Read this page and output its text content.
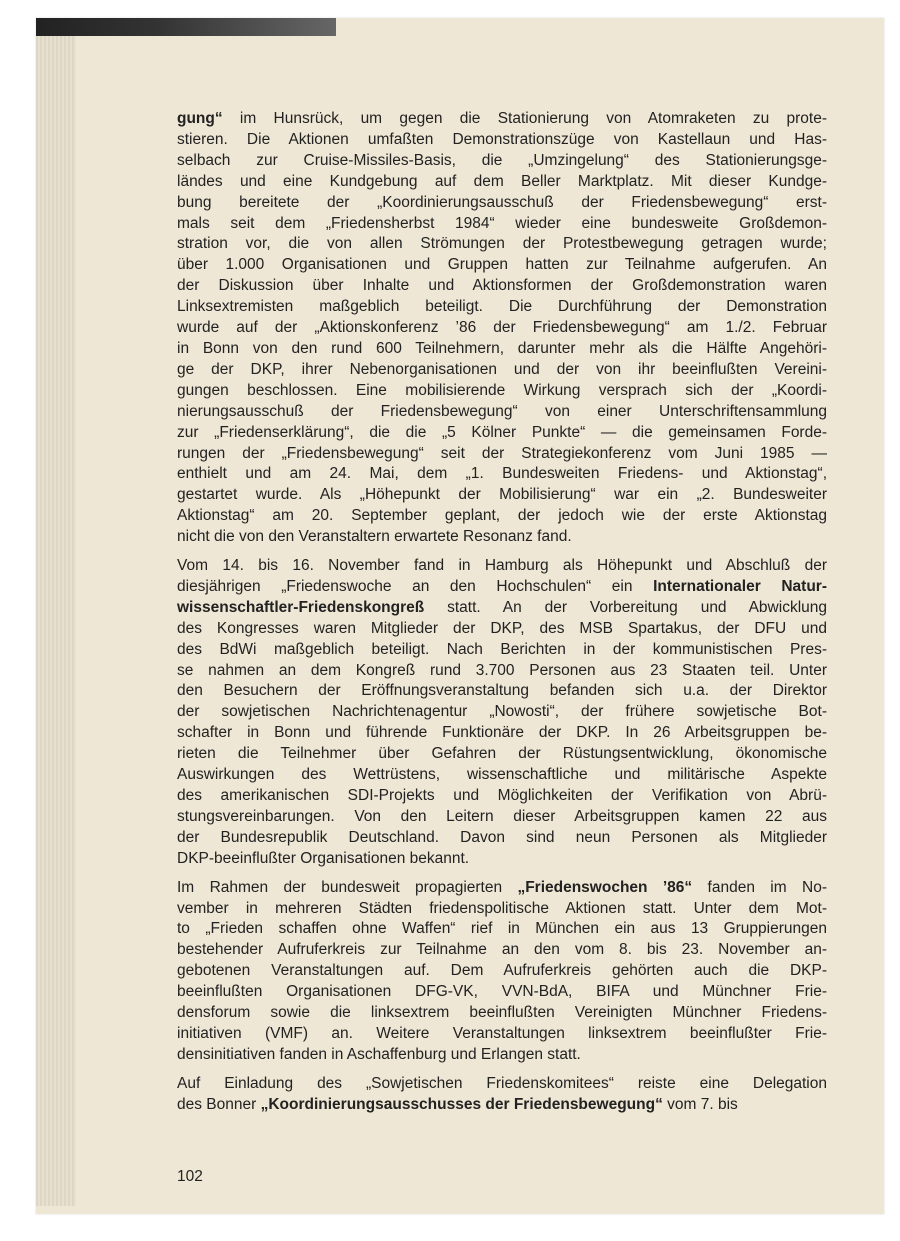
gung“ im Hunsrück, um gegen die Stationierung von Atomraketen zu prote-
stieren. Die Aktionen umfaßten Demonstrationszüge von Kastellaun und Has-
selbach zur Cruise-Missiles-Basis, die „Umzingelung“ des Stationierungsge-
ländes und eine Kundgebung auf dem Beller Marktplatz. Mit dieser Kundge-
bung bereitete der „Koordinierungsausschuß der Friedensbewegung“ erst-
mals seit dem „Friedensherbst 1984“ wieder eine bundesweite Großdemon-
stration vor, die von allen Strömungen der Protestbewegung getragen wurde;
über 1.000 Organisationen und Gruppen hatten zur Teilnahme aufgerufen. An
der Diskussion über Inhalte und Aktionsformen der Großdemonstration waren
Linksextremisten maßgeblich beteiligt. Die Durchführung der Demonstration
wurde auf der „Aktionskonferenz ’86 der Friedensbewegung“ am 1./2. Februar
in Bonn von den rund 600 Teilnehmern, darunter mehr als die Hälfte Angehöri-
ge der DKP, ihrer Nebenorganisationen und der von ihr beeinflußten Vereini-
gungen beschlossen. Eine mobilisierende Wirkung versprach sich der „Koordi-
nierungsausschuß der Friedensbewegung“ von einer Unterschriftensammlung
zur „Friedenserklärung“, die die „5 Kölner Punkte“ — die gemeinsamen Forde-
rungen der „Friedensbewegung“ seit der Strategiekonferenz vom Juni 1985 —
enthielt und am 24. Mai, dem „1. Bundesweiten Friedens- und Aktionstag“,
gestartet wurde. Als „Höhepunkt der Mobilisierung“ war ein „2. Bundesweiter
Aktionstag“ am 20. September geplant, der jedoch wie der erste Aktionstag
nicht die von den Veranstaltern erwartete Resonanz fand.
Vom 14. bis 16. November fand in Hamburg als Höhepunkt und Abschluß der
diesjährigen „Friedenswoche an den Hochschulen“ ein Internationaler Natur-
wissenschaftler-Friedenskongreß statt. An der Vorbereitung und Abwicklung
des Kongresses waren Mitglieder der DKP, des MSB Spartakus, der DFU und
des BdWi maßgeblich beteiligt. Nach Berichten in der kommunistischen Pres-
se nahmen an dem Kongreß rund 3.700 Personen aus 23 Staaten teil. Unter
den Besuchern der Eröffnungsveranstaltung befanden sich u.a. der Direktor
der sowjetischen Nachrichtenagentur „Nowosti“, der frühere sowjetische Bot-
schafter in Bonn und führende Funktionäre der DKP. In 26 Arbeitsgruppen be-
rieten die Teilnehmer über Gefahren der Rüstungsentwicklung, ökonomische
Auswirkungen des Wettrüstens, wissenschaftliche und militärische Aspekte
des amerikanischen SDI-Projekts und Möglichkeiten der Verifikation von Abrü-
stungsvereinbarungen. Von den Leitern dieser Arbeitsgruppen kamen 22 aus
der Bundesrepublik Deutschland. Davon sind neun Personen als Mitglieder
DKP-beeinflußter Organisationen bekannt.
Im Rahmen der bundesweit propagierten „Friedenswochen ’86“ fanden im No-
vember in mehreren Städten friedenspolitische Aktionen statt. Unter dem Mot-
to „Frieden schaffen ohne Waffen“ rief in München ein aus 13 Gruppierungen
bestehender Aufruferkreis zur Teilnahme an den vom 8. bis 23. November an-
gebotenen Veranstaltungen auf. Dem Aufruferkreis gehörten auch die DKP-
beeinflußten Organisationen DFG-VK, VVN-BdA, BIFA und Münchner Frie-
densforum sowie die linksextrem beeinflußten Vereinigten Münchner Friedens-
initiativen (VMF) an. Weitere Veranstaltungen linksextrem beeinflußter Frie-
densinitiativen fanden in Aschaffenburg und Erlangen statt.
Auf Einladung des „Sowjetischen Friedenskomitees“ reiste eine Delegation
des Bonner „Koordinierungsausschusses der Friedensbewegung“ vom 7. bis
102
